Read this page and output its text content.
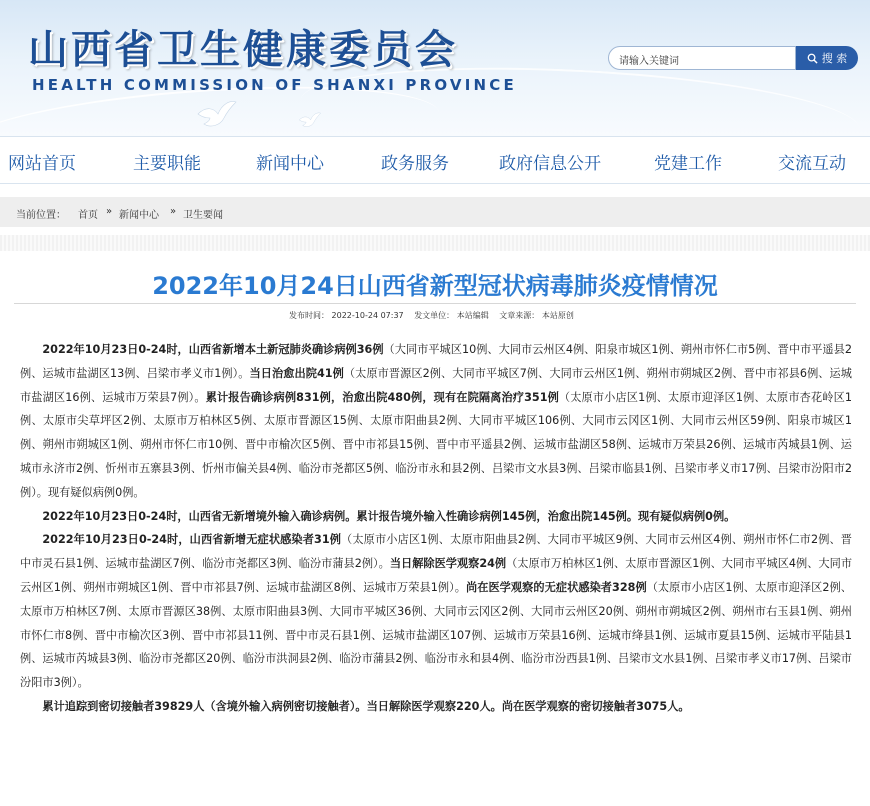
山西省卫生健康委员会
HEALTH COMMISSION OF SHANXI PROVINCE
请输入关键词	搜 索
网站首页	主要职能	新闻中心	政务服务	政府信息公开	党建工作	交流互动
当前位置： 首页 » 新闻中心 » 卫生要闻
2022年10月24日山西省新型冠状病毒肺炎疫情情况
发布时间： 2022-10-24 07:37 发文单位： 本站编辑 文章来源： 本站原创

2022年10月23日0-24时，山西省新增本土新冠肺炎确诊病例36例（大同市平城区10例、大同市云州区4例、阳泉市城区1例、朔州市怀仁市5例、晋中市平遥县2例、运城市盐湖区13例、吕梁市孝义市1例）。当日治愈出院41例（太原市晋源区2例、大同市平城区7例、大同市云州区1例、朔州市朔城区2例、晋中市祁县6例、运城市盐湖区16例、运城市万荣县7例）。累计报告确诊病例831例，治愈出院480例，现有在院隔离治疗351例（太原市小店区1例、太原市迎泽区1例、太原市杏花岭区1例、太原市尖草坪区2例、太原市万柏林区5例、太原市晋源区15例、太原市阳曲县2例、大同市平城区106例、大同市云冈区1例、大同市云州区59例、阳泉市城区1例、朔州市朔城区1例、朔州市怀仁市10例、晋中市榆次区5例、晋中市祁县15例、晋中市平遥县2例、运城市盐湖区58例、运城市万荣县26例、运城市芮城县1例、运城市永济市2例、忻州市五寨县3例、忻州市偏关县4例、临汾市尧都区5例、临汾市永和县2例、吕梁市文水县3例、吕梁市临县1例、吕梁市孝义市17例、吕梁市汾阳市2例）。现有疑似病例0例。

2022年10月23日0-24时，山西省无新增境外输入确诊病例。累计报告境外输入性确诊病例145例，治愈出院145例。现有疑似病例0例。

2022年10月23日0-24时，山西省新增无症状感染者31例（太原市小店区1例、太原市阳曲县2例、大同市平城区9例、大同市云州区4例、朔州市怀仁市2例、晋中市灵石县1例、运城市盐湖区7例、临汾市尧都区3例、临汾市蒲县2例）。当日解除医学观察24例（太原市万柏林区1例、太原市晋源区1例、大同市平城区4例、大同市云州区1例、朔州市朔城区1例、晋中市祁县7例、运城市盐湖区8例、运城市万荣县1例）。尚在医学观察的无症状感染者328例（太原市小店区1例、太原市迎泽区2例、太原市万柏林区7例、太原市晋源区38例、太原市阳曲县3例、大同市平城区36例、大同市云冈区2例、大同市云州区20例、朔州市朔城区2例、朔州市右玉县1例、朔州市怀仁市8例、晋中市榆次区3例、晋中市祁县11例、晋中市灵石县1例、运城市盐湖区107例、运城市万荣县16例、运城市绛县1例、运城市夏县15例、运城市平陆县1例、运城市芮城县3例、临汾市尧都区20例、临汾市洪洞县2例、临汾市蒲县2例、临汾市永和县4例、临汾市汾西县1例、吕梁市文水县1例、吕梁市孝义市17例、吕梁市汾阳市3例）。

累计追踪到密切接触者39829人（含境外输入病例密切接触者）。当日解除医学观察220人。尚在医学观察的密切接触者3075人。
